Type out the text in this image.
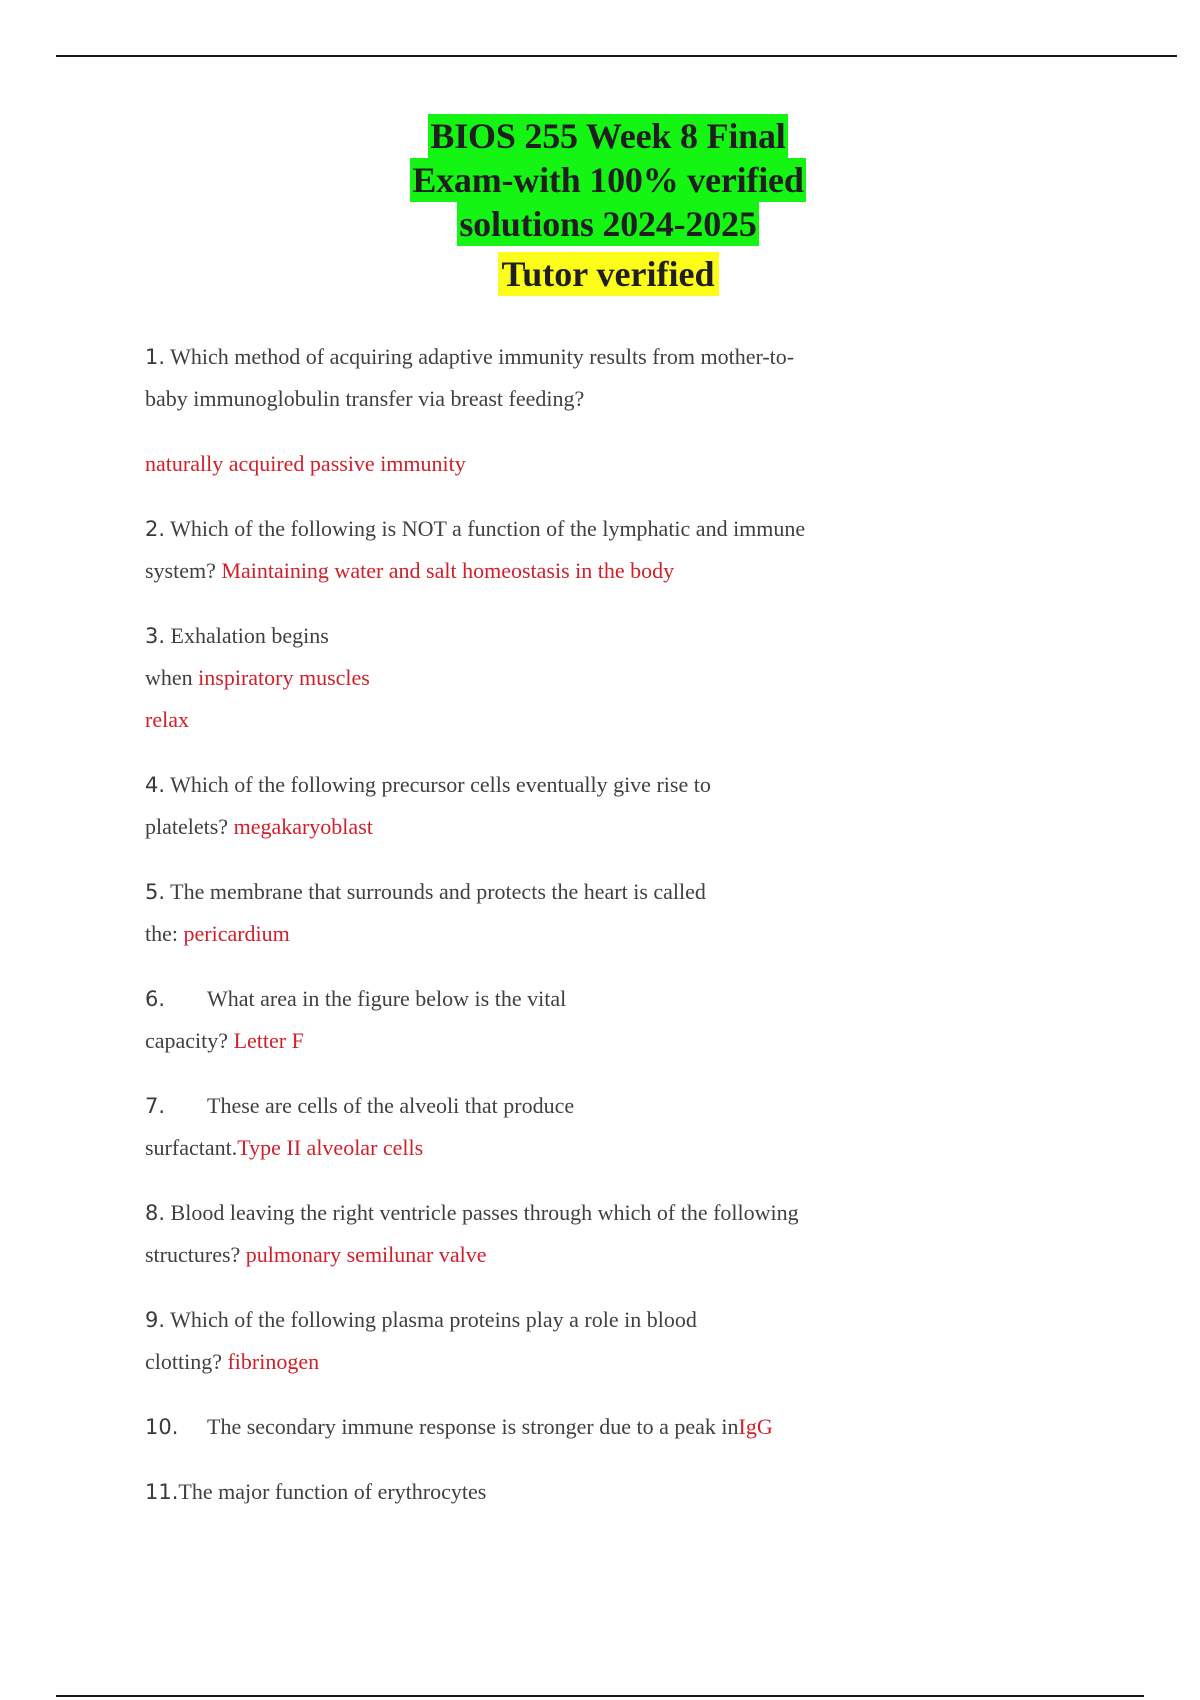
BIOS 255 Week 8 Final
Exam-with 100% verified
solutions 2024-2025

Tutor verified
1. Which method of acquiring adaptive immunity results from mother-to-
baby immunoglobulin transfer via breast feeding?
naturally acquired passive immunity
2. Which of the following is NOT a function of the lymphatic and immune
system? Maintaining water and salt homeostasis in the body
3. Exhalation begins
when inspiratory muscles
relax
4. Which of the following precursor cells eventually give rise to
platelets? megakaryoblast
5. The membrane that surrounds and protects the heart is called
the: pericardium
6. What area in the figure below is the vital
capacity? Letter F
7. These are cells of the alveoli that produce
surfactant.Type II alveolar cells
8. Blood leaving the right ventricle passes through which of the following
structures? pulmonary semilunar valve
9. Which of the following plasma proteins play a role in blood
clotting? fibrinogen
10. The secondary immune response is stronger due to a peak inIgG
11.The major function of erythrocytes
